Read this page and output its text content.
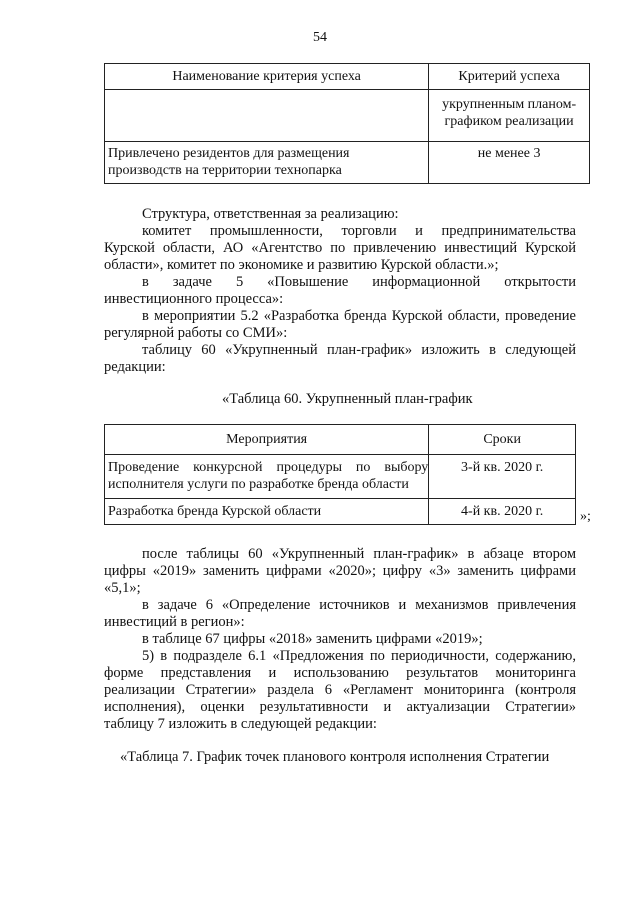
54
Наименование критерия успеха	Критерий успеха

	укрупненным планом-
графиком реализации

Привлечено резидентов для размещения
производств на территории технопарка	не менее 3

Структура, ответственная за реализацию:

комитет промышленности, торговли и предпринимательства

Курской области, АО «Агентство по привлечению инвестиций Курской

области», комитет по экономике и развитию Курской области.»;

в задаче 5 «Повышение информационной открытости

инвестиционного процесса»:

в мероприятии 5.2 «Разработка бренда Курской области, проведение

регулярной работы со СМИ»:

таблицу 60 «Укрупненный план-график» изложить в следующей

редакции:

«Таблица 60. Укрупненный план-график

Мероприятия	Сроки

Проведение конкурсной процедуры по выбору
исполнителя услуги по разработке бренда области	3-й кв. 2020 г.
Разработка бренда Курской области	4-й кв. 2020 г.	»;

после таблицы 60 «Укрупненный план-график» в абзаце втором

цифры «2019» заменить цифрами «2020»; цифру «3» заменить цифрами

«5,1»;

в задаче 6 «Определение источников и механизмов привлечения

инвестиций в регион»:

в таблице 67 цифры «2018» заменить цифрами «2019»;

5) в подразделе 6.1 «Предложения по периодичности, содержанию,

форме представления и использованию результатов мониторинга

реализации Стратегии» раздела 6 «Регламент мониторинга (контроля

исполнения), оценки результативности и актуализации Стратегии»

таблицу 7 изложить в следующей редакции:

«Таблица 7. График точек планового контроля исполнения Стратегии
